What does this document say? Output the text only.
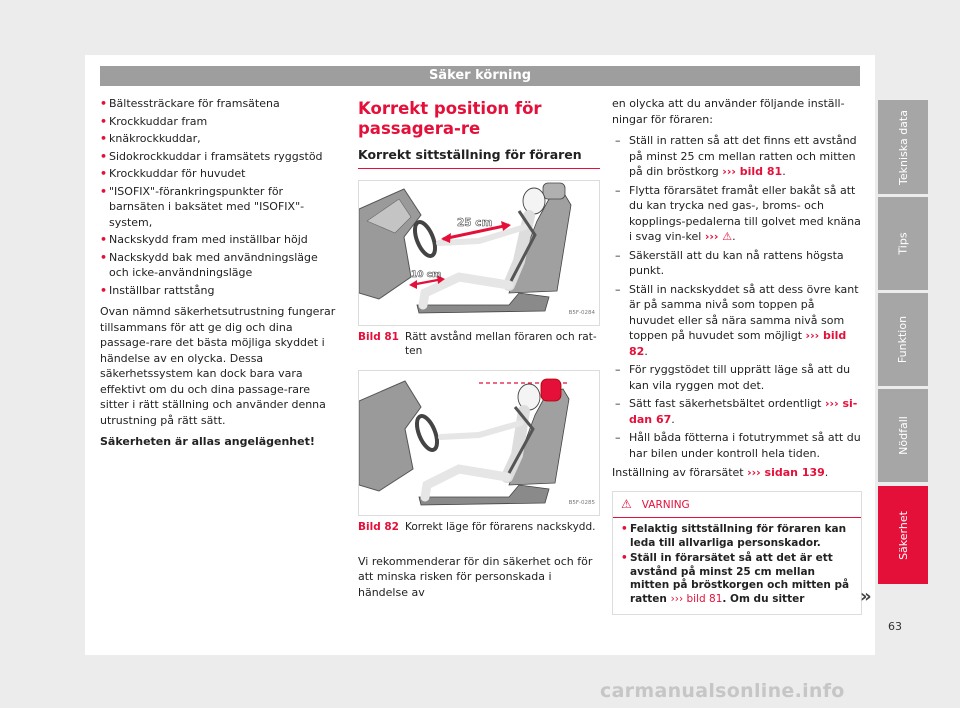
Säker körning
• Bältessträckare för framsätena
• Krockkuddar fram
• knäkrockkuddar,
• Sidokrockkuddar i framsätets ryggstöd
• Krockkuddar för huvudet
• "ISOFIX"-förankringspunkter för barnsäten i baksätet med "ISOFIX"-system,
• Nackskydd fram med inställbar höjd
• Nackskydd bak med användningsläge och icke-användningsläge
• Inställbar rattstång

Ovan nämnd säkerhetsutrustning fungerar tillsammans för att ge dig och dina passage-rare det bästa möjliga skyddet i händelse av en olycka. Dessa säkerhetssystem kan dock bara vara effektivt om du och dina passage-rare sitter i rätt ställning och använder denna utrustning på rätt sätt.

Säkerheten är allas angelägenhet!

Korrekt position för passagera-re
Korrekt sittställning för föraren
25 cm
10 cm
B5F-0284
Bild 81 Rätt avstånd mellan föraren och rat-ten
B5F-0285
Bild 82 Korrekt läge för förarens nackskydd.

Vi rekommenderar för din säkerhet och för att minska risken för personskada i händelse av

en olycka att du använder följande inställ-ningar för föraren:

– Ställ in ratten så att det finns ett avstånd på minst 25 cm mellan ratten och mitten på din bröstkorg ››› bild 81.
– Flytta förarsätet framåt eller bakåt så att du kan trycka ned gas-, broms- och kopplings-pedalerna till golvet med knäna i svag vin-kel ››› ⚠.
– Säkerställ att du kan nå rattens högsta punkt.
– Ställ in nackskyddet så att dess övre kant är på samma nivå som toppen på huvudet eller så nära samma nivå som toppen på huvudet som möjligt ››› bild 82.
– För ryggstödet till upprätt läge så att du kan vila ryggen mot det.
– Sätt fast säkerhetsbältet ordentligt ››› si-dan 67.
– Håll båda fötterna i fotutrymmet så att du har bilen under kontroll hela tiden.

Inställning av förarsätet ››› sidan 139.

⚠ VARNING
• Felaktig sittställning för föraren kan leda till allvarliga personskador.
• Ställ in förarsätet så att det är ett avstånd på minst 25 cm mellan mitten på bröstkorgen och mitten på ratten ››› bild 81. Om du sitter	»
Tekniska data
Tips
Funktion
Nödfall
Säkerhet
63
carmanualsonline.info
